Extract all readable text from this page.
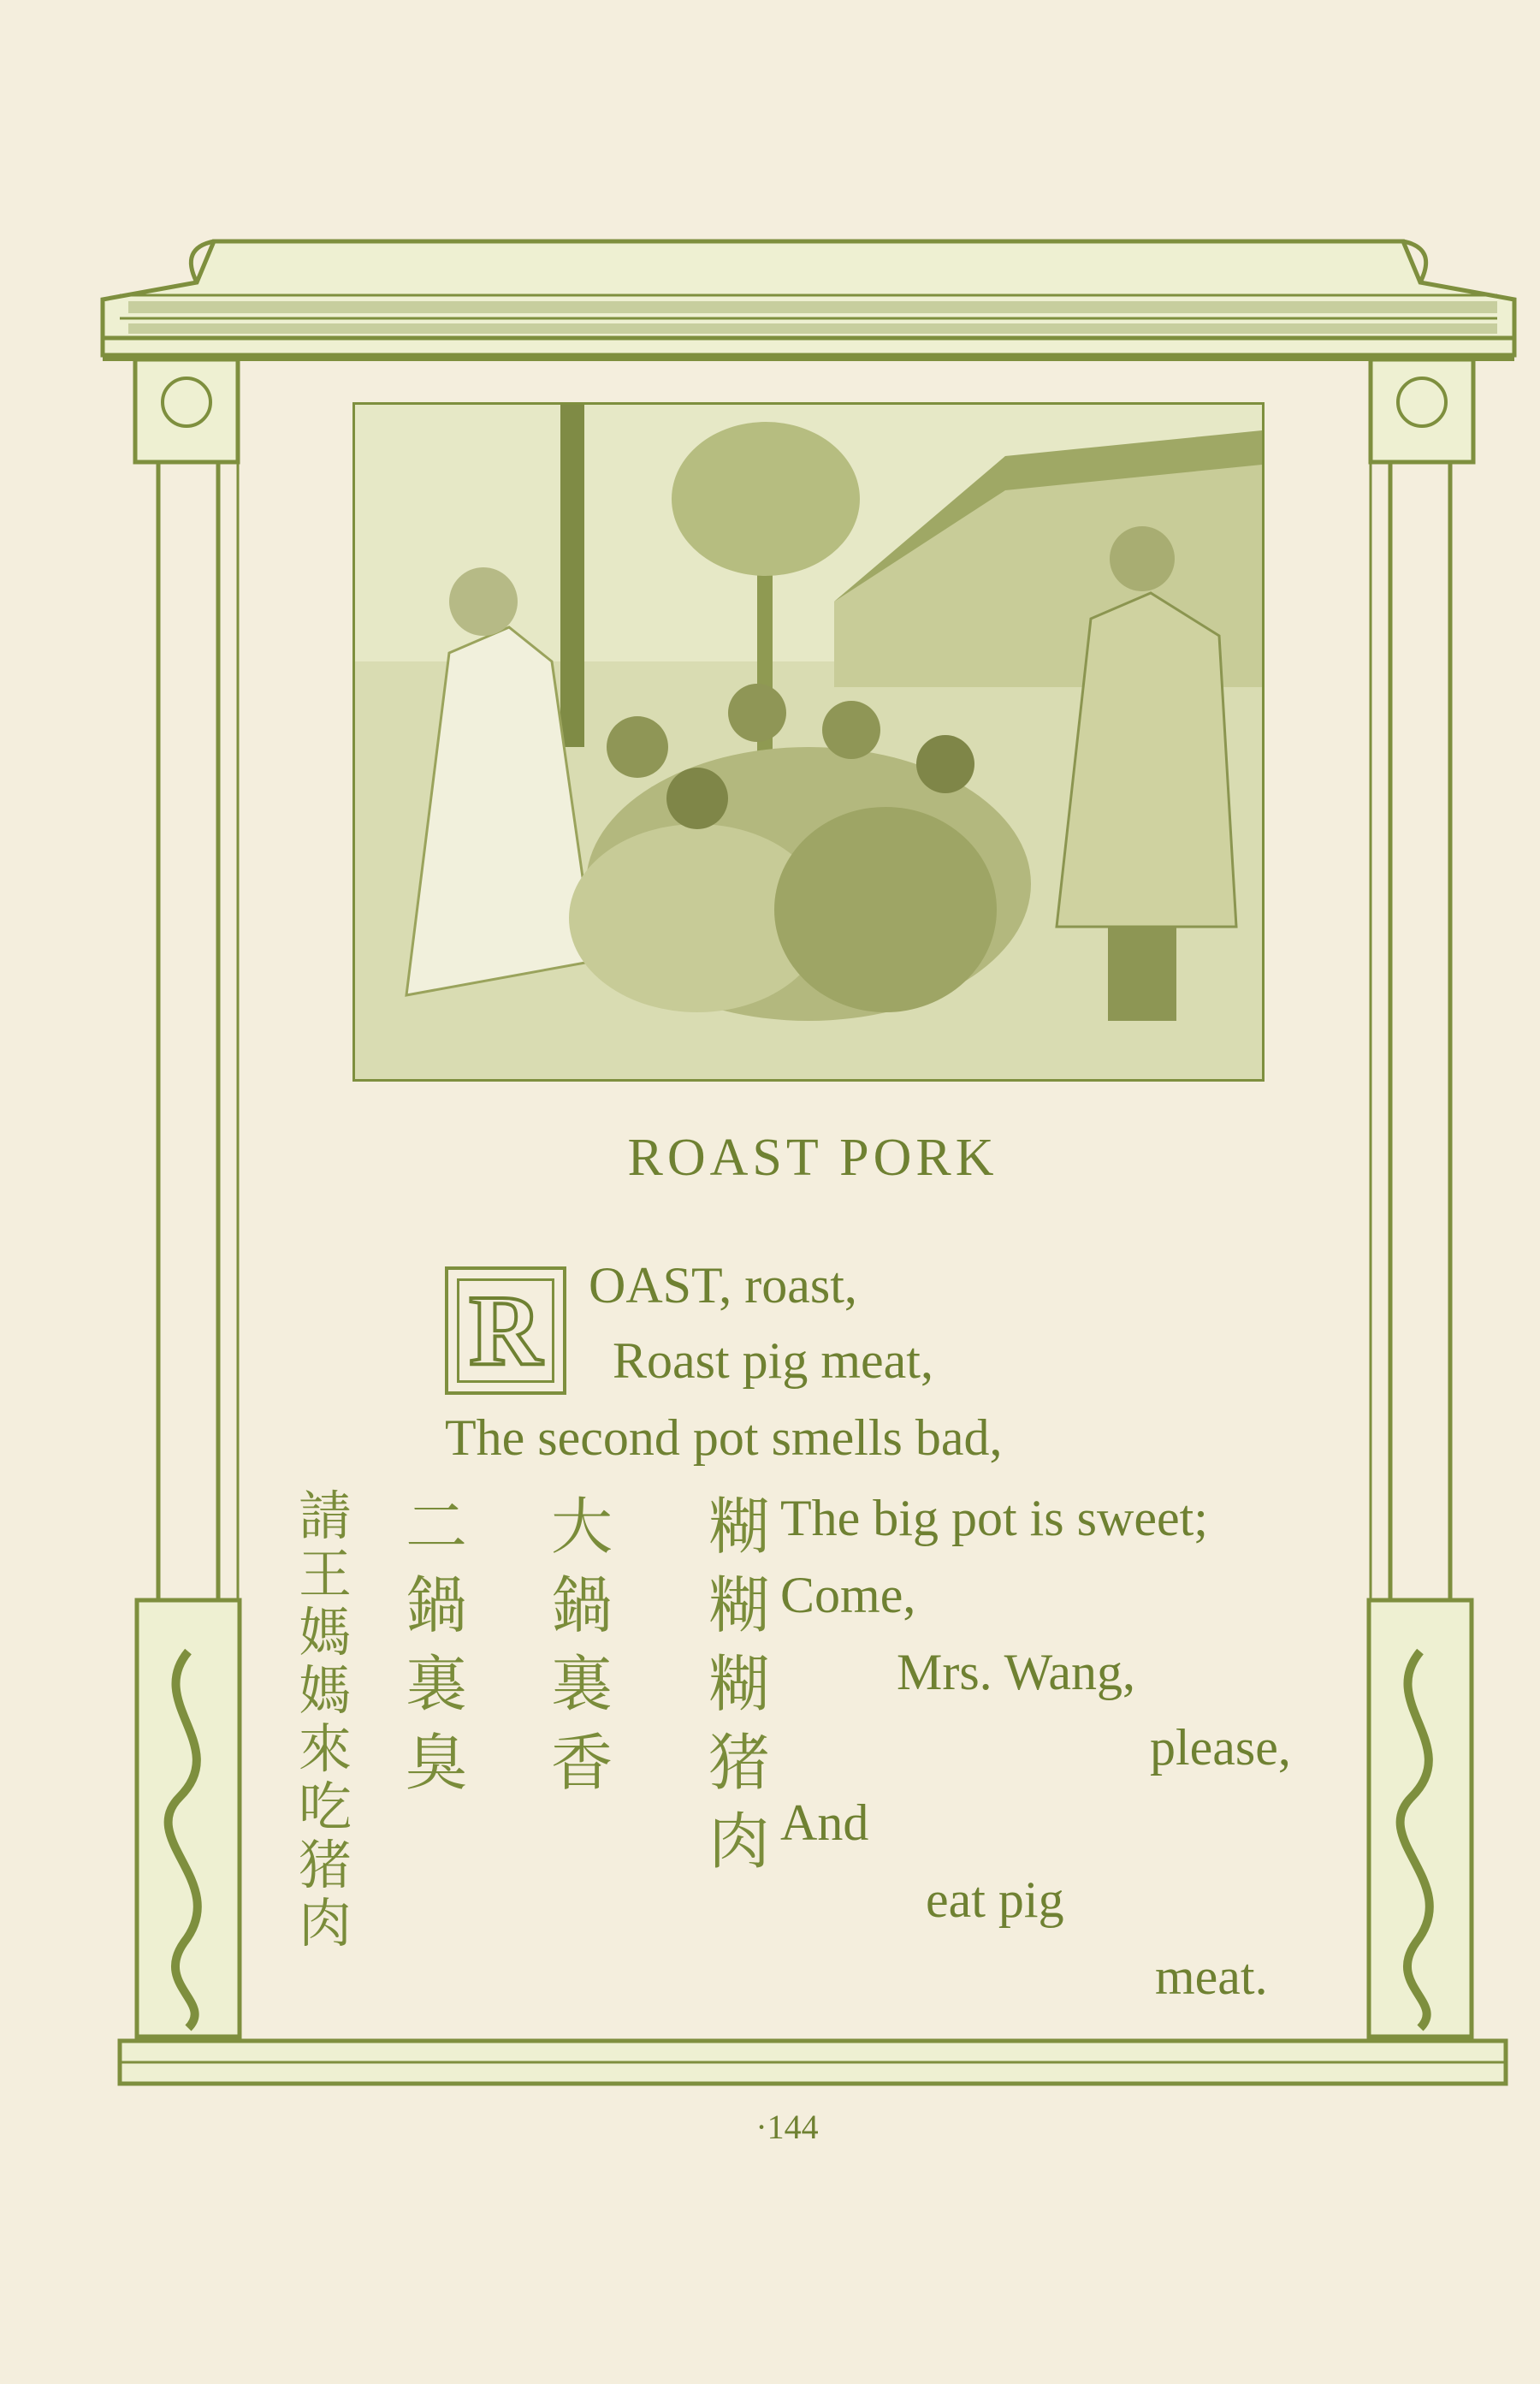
ROAST PORK
R OAST, roast,
Roast pig meat,
The second pot smells bad,
The big pot is sweet;
Come,
Mrs. Wang,
please,
And
eat pig
meat.
糊糊糊猪肉
大鍋裏香
二鍋裏臭
請王媽媽來吃猪肉
·144
